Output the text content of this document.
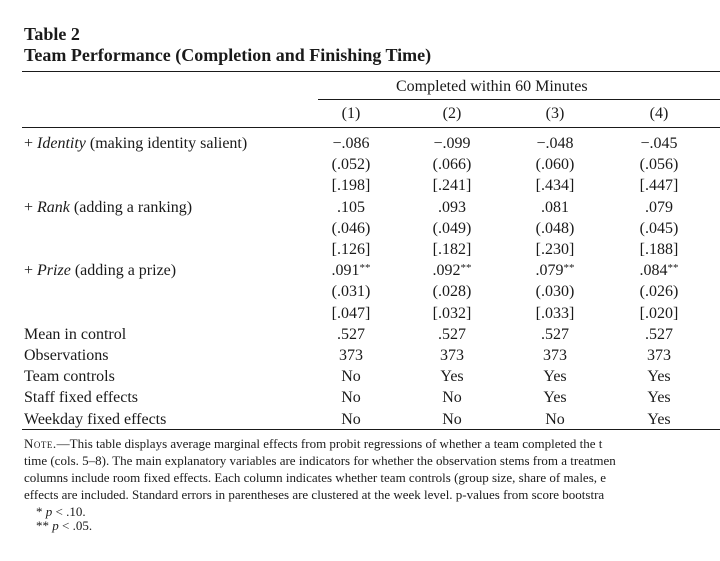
Table 2
Team Performance (Completion and Finishing Time)
Completed within 60 Minutes
(1)	(2)	(3)	(4)
+ Identity (making identity salient)	−.086	−.099	−.048	−.045
(.052)	(.066)	(.060)	(.056)
[.198]	[.241]	[.434]	[.447]
+ Rank (adding a ranking)	.105	.093	.081	.079
(.046)	(.049)	(.048)	(.045)
[.126]	[.182]	[.230]	[.188]
+ Prize (adding a prize)	.091**	.092**	.079**	.084**
(.031)	(.028)	(.030)	(.026)
[.047]	[.032]	[.033]	[.020]
Mean in control	.527	.527	.527	.527
Observations	373	373	373	373
Team controls	No	Yes	Yes	Yes
Staff fixed effects	No	No	Yes	Yes
Weekday fixed effects	No	No	No	Yes
Note.—This table displays average marginal effects from probit regressions of whether a team completed the t
time (cols. 5–8). The main explanatory variables are indicators for whether the observation stems from a treatmen
columns include room fixed effects. Each column indicates whether team controls (group size, share of males, e
effects are included. Standard errors in parentheses are clustered at the week level. p-values from score bootstra
* p < .10.
** p < .05.
